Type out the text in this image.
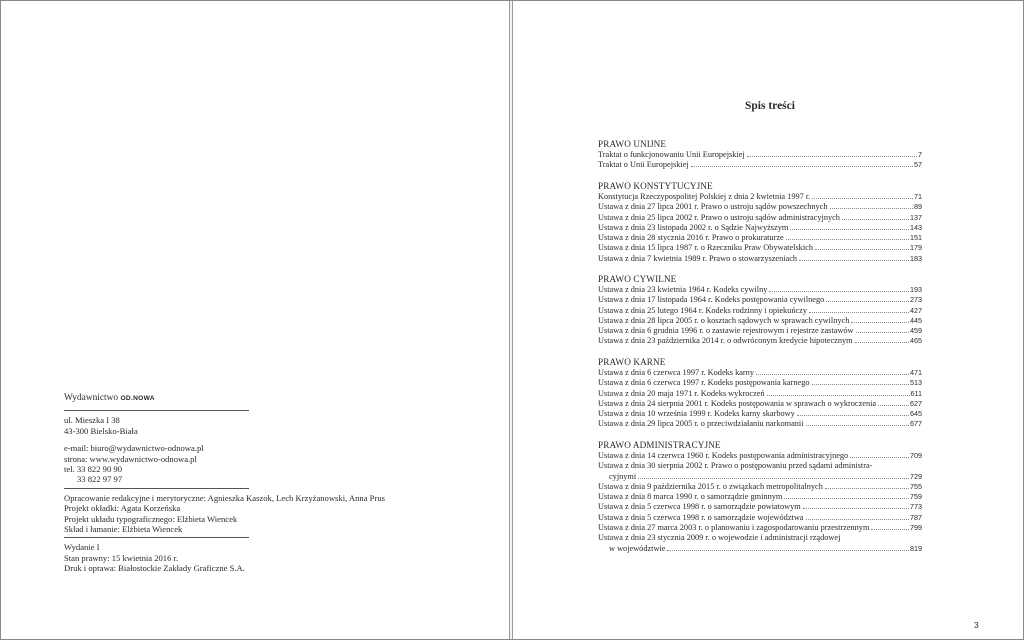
Wydawnictwo OD.NOWA

ul. Mieszka I 38

43-300 Bielsko-Biała

e-mail: biuro@wydawnictwo-odnowa.pl

strona: www.wydawnictwo-odnowa.pl

tel. 33 822 90 90

33 822 97 97

Opracowanie redakcyjne i merytoryczne: Agnieszka Kaszok, Lech Krzyżanowski, Anna Prus

Projekt okładki: Agata Korzeńska

Projekt układu typograficznego: Elżbieta Wiencek

Skład i łamanie: Elżbieta Wiencek

Wydanie I

Stan prawny: 15 kwietnia 2016 r.

Druk i oprawa: Białostockie Zakłady Graficzne S.A.

Spis treści
PRAWO UNIJNE
Traktat o funkcjonowaniu Unii Europejskiej	7
Traktat o Unii Europejskiej	57
PRAWO KONSTYTUCYJNE
Konstytucja Rzeczypospolitej Polskiej z dnia 2 kwietnia 1997 r.	71
Ustawa z dnia 27 lipca 2001 r. Prawo o ustroju sądów powszechnych	89
Ustawa z dnia 25 lipca 2002 r. Prawo o ustroju sądów administracyjnych	137
Ustawa z dnia 23 listopada 2002 r. o Sądzie Najwyższym	143
Ustawa z dnia 28 stycznia 2016 r. Prawo o prokuraturze	151
Ustawa z dnia 15 lipca 1987 r. o Rzeczniku Praw Obywatelskich	179
Ustawa z dnia 7 kwietnia 1989 r. Prawo o stowarzyszeniach	183
PRAWO CYWILNE
Ustawa z dnia 23 kwietnia 1964 r. Kodeks cywilny	193
Ustawa z dnia 17 listopada 1964 r. Kodeks postępowania cywilnego	273
Ustawa z dnia 25 lutego 1964 r. Kodeks rodzinny i opiekuńczy	427
Ustawa z dnia 28 lipca 2005 r. o kosztach sądowych w sprawach cywilnych	445
Ustawa z dnia 6 grudnia 1996 r. o zastawie rejestrowym i rejestrze zastawów	459
Ustawa z dnia 23 października 2014 r. o odwróconym kredycie hipotecznym	465
PRAWO KARNE
Ustawa z dnia 6 czerwca 1997 r. Kodeks karny	471
Ustawa z dnia 6 czerwca 1997 r. Kodeks postępowania karnego	513
Ustawa z dnia 20 maja 1971 r. Kodeks wykroczeń	611
Ustawa z dnia 24 sierpnia 2001 r. Kodeks postępowania w sprawach o wykroczenia	627
Ustawa z dnia 10 września 1999 r. Kodeks karny skarbowy	645
Ustawa z dnia 29 lipca 2005 r. o przeciwdziałaniu narkomanii	677
PRAWO ADMINISTRACYJNE
Ustawa z dnia 14 czerwca 1960 r. Kodeks postępowania administracyjnego	709
Ustawa z dnia 30 sierpnia 2002 r. Prawo o postępowaniu przed sądami administra-
cyjnymi	729
Ustawa z dnia 9 października 2015 r. o związkach metropolitalnych	755
Ustawa z dnia 8 marca 1990 r. o samorządzie gminnym	759
Ustawa z dnia 5 czerwca 1998 r. o samorządzie powiatowym	773
Ustawa z dnia 5 czerwca 1998 r. o samorządzie województwa	787
Ustawa z dnia 27 marca 2003 r. o planowaniu i zagospodarowaniu przestrzennym	799
Ustawa z dnia 23 stycznia 2009 r. o wojewodzie i administracji rządowej
w województwie	819
3
